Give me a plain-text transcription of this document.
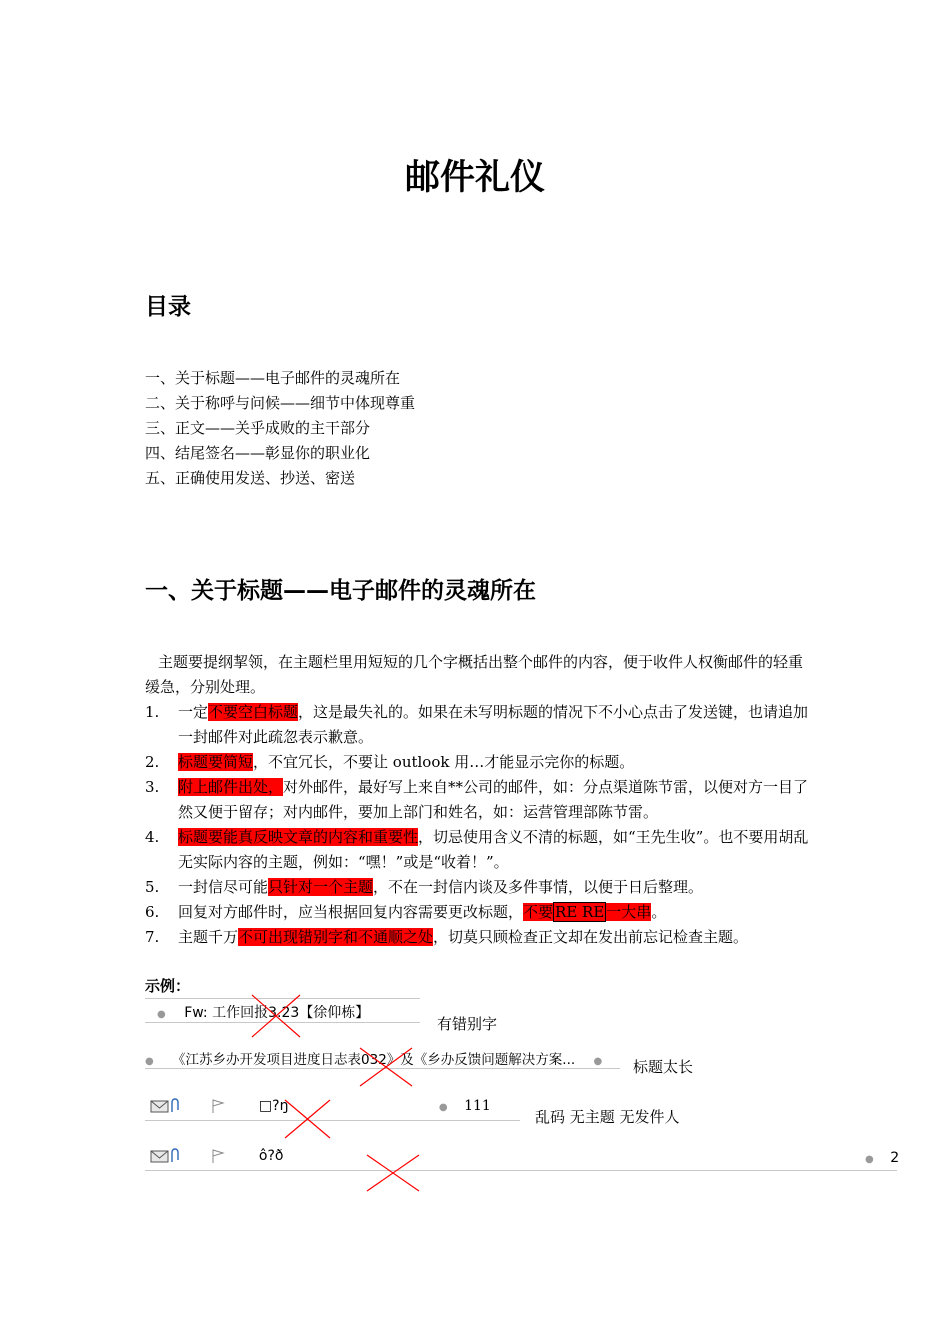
邮件礼仪
目录
一、关于标题——电子邮件的灵魂所在
二、关于称呼与问候——细节中体现尊重
三、正文——关乎成败的主干部分
四、结尾签名——彰显你的职业化
五、正确使用发送、抄送、密送
一、关于标题——电子邮件的灵魂所在
主题要提纲挈领，在主题栏里用短短的几个字概括出整个邮件的内容，便于收件人权衡邮件的轻重缓急，分别处理。
1. 一定不要空白标题，这是最失礼的。如果在未写明标题的情况下不小心点击了发送键，也请追加一封邮件对此疏忽表示歉意。
2. 标题要简短，不宜冗长，不要让 outlook 用…才能显示完你的标题。
3. 附上邮件出处，对外邮件，最好写上来自**公司的邮件，如：分点渠道陈节雷，以便对方一目了然又便于留存；对内邮件，要加上部门和姓名，如：运营管理部陈节雷。
4. 标题要能真反映文章的内容和重要性，切忌使用含义不清的标题，如“王先生收”。也不要用胡乱无实际内容的主题，例如：“嘿！”或是“收着！”。
5. 一封信尽可能只针对一个主题，不在一封信内谈及多件事情，以便于日后整理。
6. 回复对方邮件时，应当根据回复内容需要更改标题，不要 RE RE 一大串。
7. 主题千万不可出现错别字和不通顺之处，切莫只顾检查正文却在发出前忘记检查主题。
示例：
● Fw: 工作回报3.23【徐仰栋】
有错别字
● 《江苏乡办开发项目进度日志表032》及《乡办反馈问题解决方案... ● 标题太长
□?ŋ	● 111
乱码 无主题 无发件人
ô?ð	● 2
